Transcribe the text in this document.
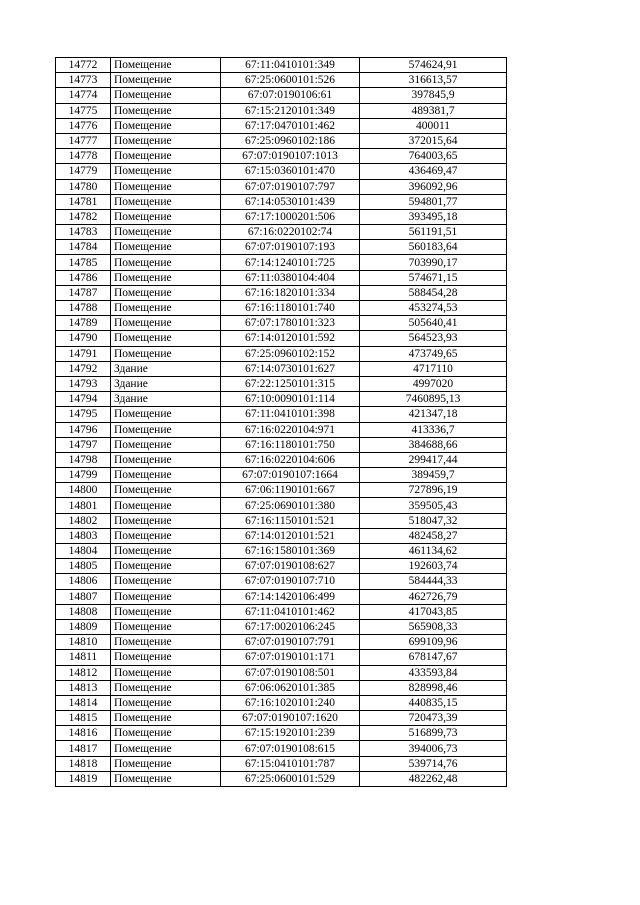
14772	Помещение	67:11:0410101:349	574624,91
14773	Помещение	67:25:0600101:526	316613,57
14774	Помещение	67:07:0190106:61	397845,9
14775	Помещение	67:15:2120101:349	489381,7
14776	Помещение	67:17:0470101:462	400011
14777	Помещение	67:25:0960102:186	372015,64
14778	Помещение	67:07:0190107:1013	764003,65
14779	Помещение	67:15:0360101:470	436469,47
14780	Помещение	67:07:0190107:797	396092,96
14781	Помещение	67:14:0530101:439	594801,77
14782	Помещение	67:17:1000201:506	393495,18
14783	Помещение	67:16:0220102:74	561191,51
14784	Помещение	67:07:0190107:193	560183,64
14785	Помещение	67:14:1240101:725	703990,17
14786	Помещение	67:11:0380104:404	574671,15
14787	Помещение	67:16:1820101:334	588454,28
14788	Помещение	67:16:1180101:740	453274,53
14789	Помещение	67:07:1780101:323	505640,41
14790	Помещение	67:14:0120101:592	564523,93
14791	Помещение	67:25:0960102:152	473749,65
14792	Здание	67:14:0730101:627	4717110
14793	Здание	67:22:1250101:315	4997020
14794	Здание	67:10:0090101:114	7460895,13
14795	Помещение	67:11:0410101:398	421347,18
14796	Помещение	67:16:0220104:971	413336,7
14797	Помещение	67:16:1180101:750	384688,66
14798	Помещение	67:16:0220104:606	299417,44
14799	Помещение	67:07:0190107:1664	389459,7
14800	Помещение	67:06:1190101:667	727896,19
14801	Помещение	67:25:0690101:380	359505,43
14802	Помещение	67:16:1150101:521	518047,32
14803	Помещение	67:14:0120101:521	482458,27
14804	Помещение	67:16:1580101:369	461134,62
14805	Помещение	67:07:0190108:627	192603,74
14806	Помещение	67:07:0190107:710	584444,33
14807	Помещение	67:14:1420106:499	462726,79
14808	Помещение	67:11:0410101:462	417043,85
14809	Помещение	67:17:0020106:245	565908,33
14810	Помещение	67:07:0190107:791	699109,96
14811	Помещение	67:07:0190101:171	678147,67
14812	Помещение	67:07:0190108:501	433593,84
14813	Помещение	67:06:0620101:385	828998,46
14814	Помещение	67:16:1020101:240	440835,15
14815	Помещение	67:07:0190107:1620	720473,39
14816	Помещение	67:15:1920101:239	516899,73
14817	Помещение	67:07:0190108:615	394006,73
14818	Помещение	67:15:0410101:787	539714,76
14819	Помещение	67:25:0600101:529	482262,48
